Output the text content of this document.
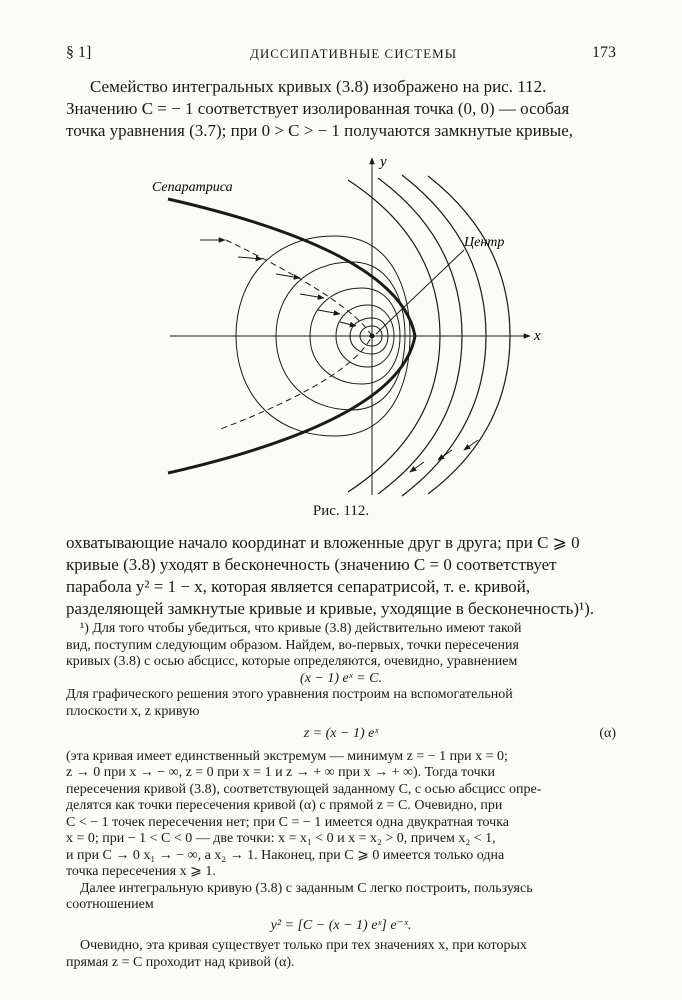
§ 1]	ДИССИПАТИВНЫЕ СИСТЕМЫ	173

Семейство интегральных кривых (3.8) изображено на рис. 112.

Значению C = − 1 соответствует изолированная точка (0, 0) — особая

точка уравнения (3.7); при 0 > C > − 1 получаются замкнутые кривые,

Сепаратриса
Центр
x
y
Рис. 112.

охватывающие начало координат и вложенные друг в друга; при C ⩾ 0

кривые (3.8) уходят в бесконечность (значению C = 0 соответствует

парабола y² = 1 − x, которая является сепаратрисой, т. е. кривой,

разделяющей замкнутые кривые и кривые, уходящие в бесконечность)¹).

¹) Для того чтобы убедиться, что кривые (3.8) действительно имеют такой

вид, поступим следующим образом. Найдем, во-первых, точки пересечения

кривых (3.8) с осью абсцисс, которые определяются, очевидно, уравнением

(x − 1) eˣ = C.

Для графического решения этого уравнения построим на вспомогательной

плоскости x, z кривую

z = (x − 1) eˣ	(α)

(эта кривая имеет единственный экстремум — минимум z = − 1 при x = 0;

z → 0 при x → − ∞, z = 0 при x = 1 и z → + ∞ при x → + ∞). Тогда точки

пересечения кривой (3.8), соответствующей заданному C, с осью абсцисс опре-

делятся как точки пересечения кривой (α) с прямой z = C. Очевидно, при

C < − 1 точек пересечения нет; при C = − 1 имеется одна двукратная точка

x = 0; при − 1 < C < 0 — две точки: x = x₁ < 0 и x = x₂ > 0, причем x₂ < 1,

и при C → 0 x₁ → − ∞, а x₂ → 1. Наконец, при C ⩾ 0 имеется только одна

точка пересечения x ⩾ 1.

Далее интегральную кривую (3.8) с заданным C легко построить, пользуясь

соотношением

y² = [C − (x − 1) eˣ] e⁻ˣ.

Очевидно, эта кривая существует только при тех значениях x, при которых

прямая z = C проходит над кривой (α).
